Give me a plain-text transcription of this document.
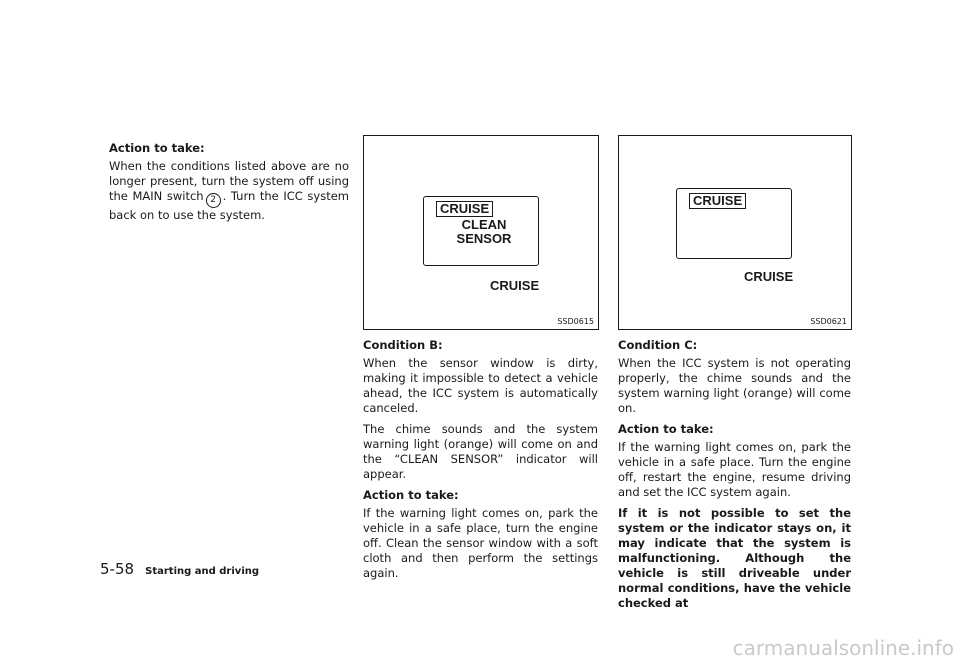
Action to take:

When the conditions listed above are no longer present, turn the system off using the MAIN switch 2 . Turn the ICC system back on to use the system.	CRUISE
CLEAN
SENSOR
CRUISE
SSD0615
CRUISE
CRUISE
SSD0621

Condition B:

When the sensor window is dirty, making it impossible to detect a vehicle ahead, the ICC system is automatically canceled.

The chime sounds and the system warning light (orange) will come on and the “CLEAN SENSOR” indicator will appear.

Action to take:

If the warning light comes on, park the vehicle in a safe place, turn the engine off. Clean the sensor window with a soft cloth and then perform the settings again.

Condition C:

When the ICC system is not operating properly, the chime sounds and the system warning light (orange) will come on.

Action to take:

If the warning light comes on, park the vehicle in a safe place. Turn the engine off, restart the engine, resume driving and set the ICC system again.

If it is not possible to set the system or the indicator stays on, it may indicate that the system is malfunctioning. Although the vehicle is still driveable under normal conditions, have the vehicle checked at

5-58 Starting and driving
carmanualsonline.info
